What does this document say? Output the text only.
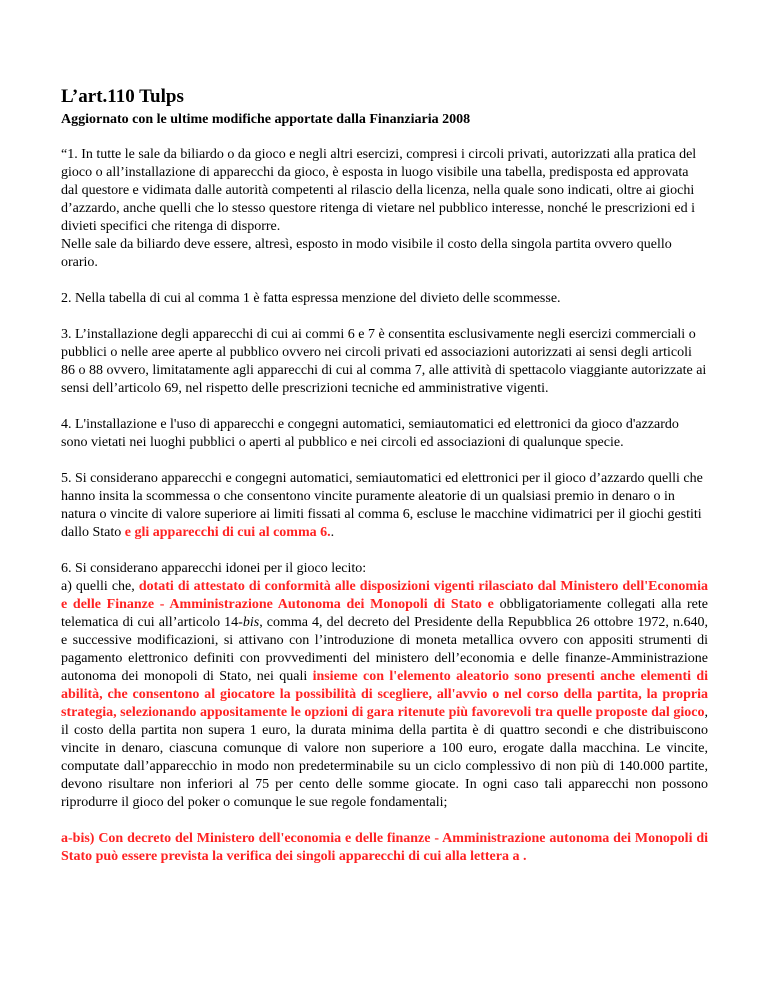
L’art.110 Tulps

Aggiornato con le ultime modifiche apportate dalla Finanziaria 2008

“1. In tutte le sale da biliardo o da gioco e negli altri esercizi, compresi i circoli privati, autorizzati alla pratica del gioco o all’installazione di apparecchi da gioco, è esposta in luogo visibile una tabella, predisposta ed approvata dal questore e vidimata dalle autorità competenti al rilascio della licenza, nella quale sono indicati, oltre ai giochi d’azzardo, anche quelli che lo stesso questore ritenga di vietare nel pubblico interesse, nonché le prescrizioni ed i divieti specifici che ritenga di disporre.

Nelle sale da biliardo deve essere, altresì, esposto in modo visibile il costo della singola partita ovvero quello orario.

2. Nella tabella di cui al comma 1 è fatta espressa menzione del divieto delle scommesse.

3. L’installazione degli apparecchi di cui ai commi 6 e 7 è consentita esclusivamente negli esercizi commerciali o pubblici o nelle aree aperte al pubblico ovvero nei circoli privati ed associazioni autorizzati ai sensi degli articoli 86 o 88 ovvero, limitatamente agli apparecchi di cui al comma 7, alle attività di spettacolo viaggiante autorizzate ai sensi dell’articolo 69, nel rispetto delle prescrizioni tecniche ed amministrative vigenti.

4. L'installazione e l'uso di apparecchi e congegni automatici, semiautomatici ed elettronici da gioco d'azzardo sono vietati nei luoghi pubblici o aperti al pubblico e nei circoli ed associazioni di qualunque specie.

5. Si considerano apparecchi e congegni automatici, semiautomatici ed elettronici per il gioco d’azzardo quelli che hanno insita la scommessa o che consentono vincite puramente aleatorie di un qualsiasi premio in denaro o in natura o vincite di valore superiore ai limiti fissati al comma 6, escluse le macchine vidimatrici per il giochi gestiti dallo Stato e gli apparecchi di cui al comma 6..

6. Si considerano apparecchi idonei per il gioco lecito:

a) quelli che, dotati di attestato di conformità alle disposizioni vigenti rilasciato dal Ministero dell'Economia e delle Finanze - Amministrazione Autonoma dei Monopoli di Stato e obbligatoriamente collegati alla rete telematica di cui all’articolo 14-bis, comma 4, del decreto del Presidente della Repubblica 26 ottobre 1972, n.640, e successive modificazioni, si attivano con l’introduzione di moneta metallica ovvero con appositi strumenti di pagamento elettronico definiti con provvedimenti del ministero dell’economia e delle finanze-Amministrazione autonoma dei monopoli di Stato, nei quali insieme con l'elemento aleatorio sono presenti anche elementi di abilità, che consentono al giocatore la possibilità di scegliere, all'avvio o nel corso della partita, la propria strategia, selezionando appositamente le opzioni di gara ritenute più favorevoli tra quelle proposte dal gioco, il costo della partita non supera 1 euro, la durata minima della partita è di quattro secondi e che distribuiscono vincite in denaro, ciascuna comunque di valore non superiore a 100 euro, erogate dalla macchina. Le vincite, computate dall’apparecchio in modo non predeterminabile su un ciclo complessivo di non più di 140.000 partite, devono risultare non inferiori al 75 per cento delle somme giocate. In ogni caso tali apparecchi non possono riprodurre il gioco del poker o comunque le sue regole fondamentali;

a-bis) Con decreto del Ministero dell'economia e delle finanze - Amministrazione autonoma dei Monopoli di Stato può essere prevista la verifica dei singoli apparecchi di cui alla lettera a .
